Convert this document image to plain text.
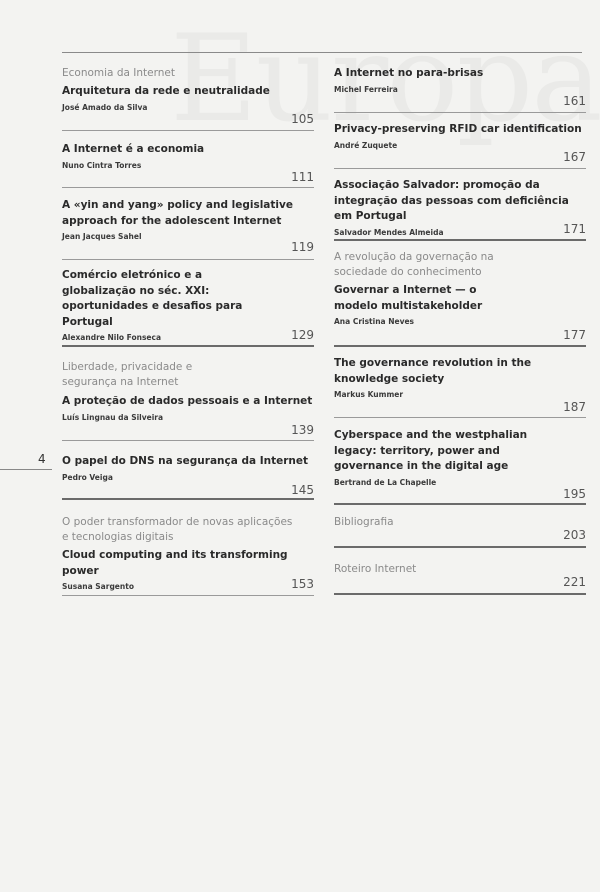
4
Economia da Internet
Arquitetura da rede e neutralidade
José Amado da Silva
105
A Internet é a economia
Nuno Cintra Torres
111
A «yin and yang» policy and legislative approach for the adolescent Internet
Jean Jacques Sahel
119
Comércio eletrónico e a globalização no séc. XXI: oportunidades e desafios para Portugal
Alexandre Nilo Fonseca	129
Liberdade, privacidade e segurança na Internet
A proteção de dados pessoais e a Internet
Luís Lingnau da Silveira
139
O papel do DNS na segurança da Internet
Pedro Veiga
145
O poder transformador de novas aplicações e tecnologias digitais
Cloud computing and its transforming power
Susana Sargento	153
A Internet no para-brisas
Michel Ferreira
161
Privacy-preserving RFID car identification
André Zuquete
167
Associação Salvador: promoção da integração das pessoas com deficiência em Portugal
Salvador Mendes Almeida	171
A revolução da governação na sociedade do conhecimento
Governar a Internet — o modelo multistakeholder
Ana Cristina Neves
177
The governance revolution in the knowledge society
Markus Kummer
187
Cyberspace and the westphalian legacy: territory, power and governance in the digital age
Bertrand de La Chapelle
195
Bibliografia
203
Roteiro Internet
221
